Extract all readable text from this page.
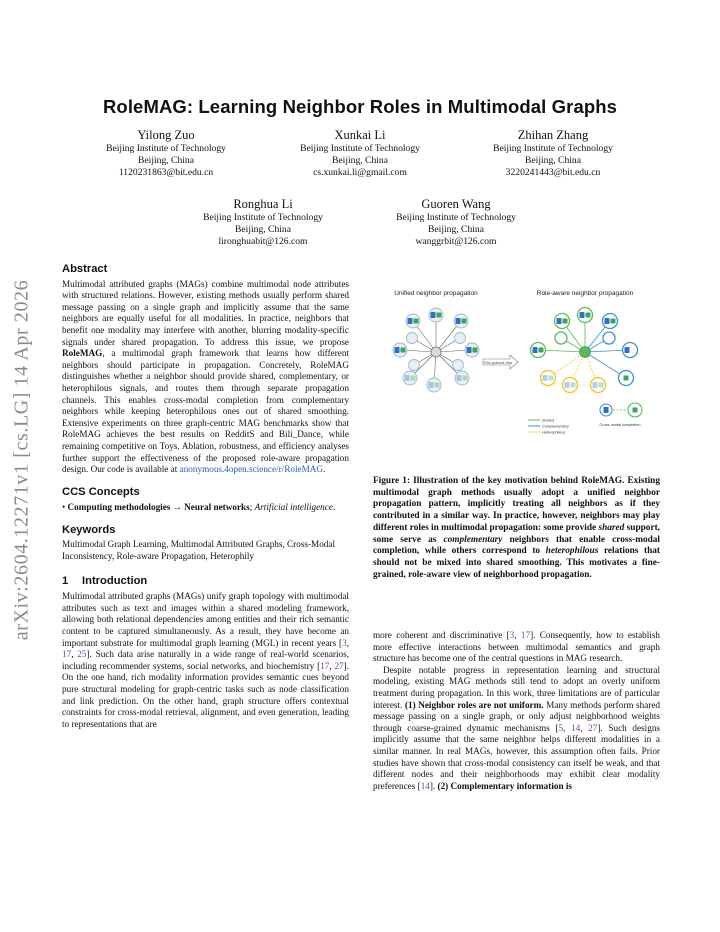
RoleMAG: Learning Neighbor Roles in Multimodal Graphs
arXiv:2604.12271v1 [cs.LG] 14 Apr 2026
Yilong Zuo
Beijing Institute of Technology
Beijing, China
1120231863@bit.edu.cn
Xunkai Li
Beijing Institute of Technology
Beijing, China
cs.xunkai.li@gmail.com
Zhihan Zhang
Beijing Institute of Technology
Beijing, China
3220241443@bit.edu.cn
Ronghua Li
Beijing Institute of Technology
Beijing, China
lironghuabit@126.com
Guoren Wang
Beijing Institute of Technology
Beijing, China
wanggrbit@126.com
Abstract

Multimodal attributed graphs (MAGs) combine multimodal node attributes with structured relations. However, existing methods usually perform shared message passing on a single graph and implicitly assume that the same neighbors are equally useful for all modalities. In practice, neighbors that benefit one modality may interfere with another, blurring modality-specific signals under shared propagation. To address this issue, we propose RoleMAG, a multimodal graph framework that learns how different neighbors should participate in propagation. Concretely, RoleMAG distinguishes whether a neighbor should provide shared, complementary, or heterophilous signals, and routes them through separate propagation channels. This enables cross-modal completion from complementary neighbors while keeping heterophilous ones out of shared smoothing. Extensive experiments on three graph-centric MAG benchmarks show that RoleMAG achieves the best results on RedditS and Bili_Dance, while remaining competitive on Toys. Ablation, robustness, and efficiency analyses further support the effectiveness of the proposed role-aware propagation design. Our code is available at anonymous.4open.science/r/RoleMAG.

CCS Concepts

• Computing methodologies → Neural networks; Artificial intelligence.

Keywords

Multimodal Graph Learning, Multimodal Attributed Graphs, Cross-Modal Inconsistency, Role-aware Propagation, Heterophily

1 Introduction

Multimodal attributed graphs (MAGs) unify graph topology with multimodal attributes such as text and images within a shared modeling framework, allowing both relational dependencies among entities and their rich semantic content to be captured simultaneously. As a result, they have become an important substrate for multimodal graph learning (MGL) in recent years [3, 17, 25]. Such data arise naturally in a wide range of real-world scenarios, including recommender systems, social networks, and biochemistry [17, 27]. On the one hand, rich modality information provides semantic cues beyond pure structural modeling for graph-centric tasks such as node classification and link prediction. On the other hand, graph structure offers contextual constraints for cross-modal retrieval, alignment, and even generation, leading to representations that are

Unified neighbor propagation	Role-aware neighbor propagation
Fine-grained view
Cross-modal completion
Shared
Complementary
Heterophilous
Figure 1: Illustration of the key motivation behind RoleMAG. Existing multimodal graph methods usually adopt a unified neighbor propagation pattern, implicitly treating all neighbors as if they contributed in a similar way. In practice, however, neighbors may play different roles in multimodal propagation: some provide shared support, some serve as complementary neighbors that enable cross-modal completion, while others correspond to heterophilous relations that should not be mixed into shared smoothing. This motivates a fine-grained, role-aware view of neighborhood propagation.

more coherent and discriminative [3, 17]. Consequently, how to establish more effective interactions between multimodal semantics and graph structure has become one of the central questions in MAG research.

Despite notable progress in representation learning and structural modeling, existing MAG methods still tend to adopt an overly uniform treatment during propagation. In this work, three limitations are of particular interest. (1) Neighbor roles are not uniform. Many methods perform shared message passing on a single graph, or only adjust neighborhood weights through coarse-grained dynamic mechanisms [5, 14, 27]. Such designs implicitly assume that the same neighbor helps different modalities in a similar manner. In real MAGs, however, this assumption often fails. Prior studies have shown that cross-modal consistency can itself be weak, and that different nodes and their neighborhoods may exhibit clear modality preferences [14]. (2) Complementary information is
